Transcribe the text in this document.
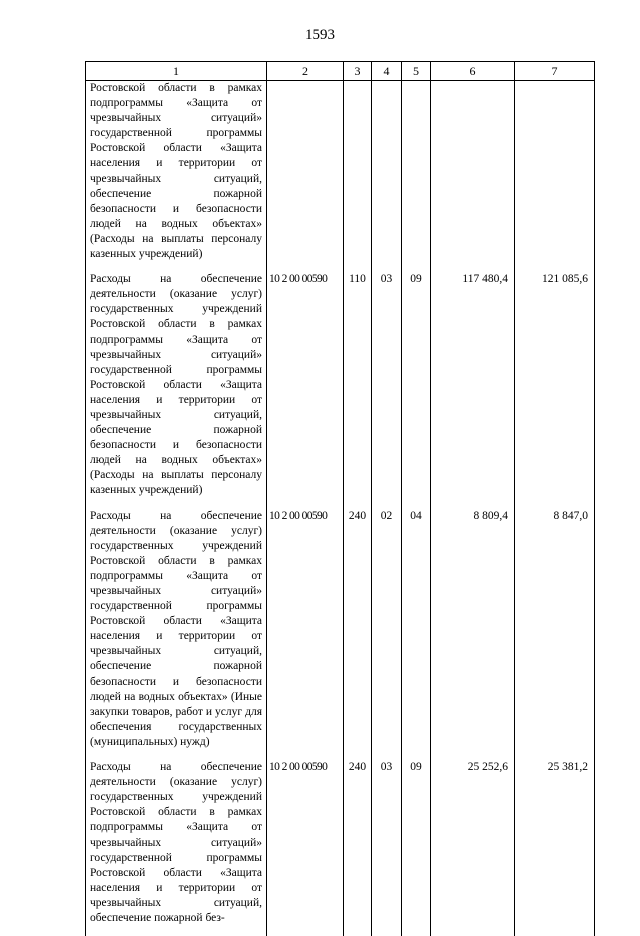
1593
1	2	3	4	5	6	7
Ростовской области в рамках подпрограммы «Защита от чрезвычайных ситуаций» государственной программы Ростовской области «Защита населения и территории от чрезвычайных ситуаций, обеспечение пожарной безопасности и безопасности людей на водных объектах» (Расходы на выплаты персоналу казенных учреждений)						
Расходы на обеспечение деятельности (оказание услуг) государственных учреждений Ростовской области в рамках подпрограммы «Защита от чрезвычайных ситуаций» государственной программы Ростовской области «Защита населения и территории от чрезвычайных ситуаций, обеспечение пожарной безопасности и безопасности людей на водных объектах» (Расходы на выплаты персоналу казенных учреждений)	10 2 00 00590	110	03	09	117 480,4	121 085,6
Расходы на обеспечение деятельности (оказание услуг) государственных учреждений Ростовской области в рамках подпрограммы «Защита от чрезвычайных ситуаций» государственной программы Ростовской области «Защита населения и территории от чрезвычайных ситуаций, обеспечение пожарной безопасности и безопасности людей на водных объектах» (Иные закупки товаров, работ и услуг для обеспечения государственных (муниципальных) нужд)	10 2 00 00590	240	02	04	8 809,4	8 847,0
Расходы на обеспечение деятельности (оказание услуг) государственных учреждений Ростовской области в рамках подпрограммы «Защита от чрезвычайных ситуаций» государственной программы Ростовской области «Защита населения и территории от чрезвычайных ситуаций, обеспечение пожарной без-	10 2 00 00590	240	03	09	25 252,6	25 381,2
